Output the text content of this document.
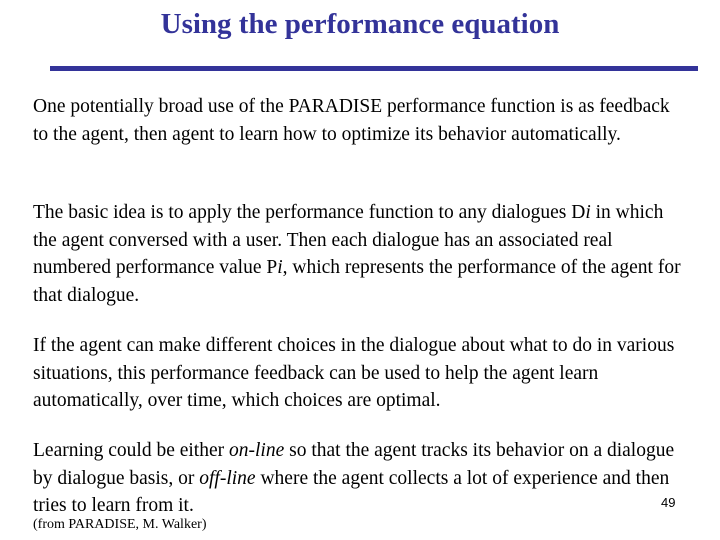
Using the performance equation

One potentially broad use of the PARADISE performance function is as feedback to the agent, then agent to learn how to optimize its behavior automatically.

The basic idea is to apply the performance function to any dialogues Di in which the agent conversed with a user. Then each dialogue has an associated real numbered performance value Pi, which represents the performance of the agent for that dialogue.

If the agent can make different choices in the dialogue about what to do in various situations, this performance feedback can be used to help the agent learn automatically, over time, which choices are optimal.

Learning could be either on-line so that the agent tracks its behavior on a dialogue by dialogue basis, or off-line where the agent collects a lot of experience and then tries to learn from it.	49
(from PARADISE, M. Walker)
